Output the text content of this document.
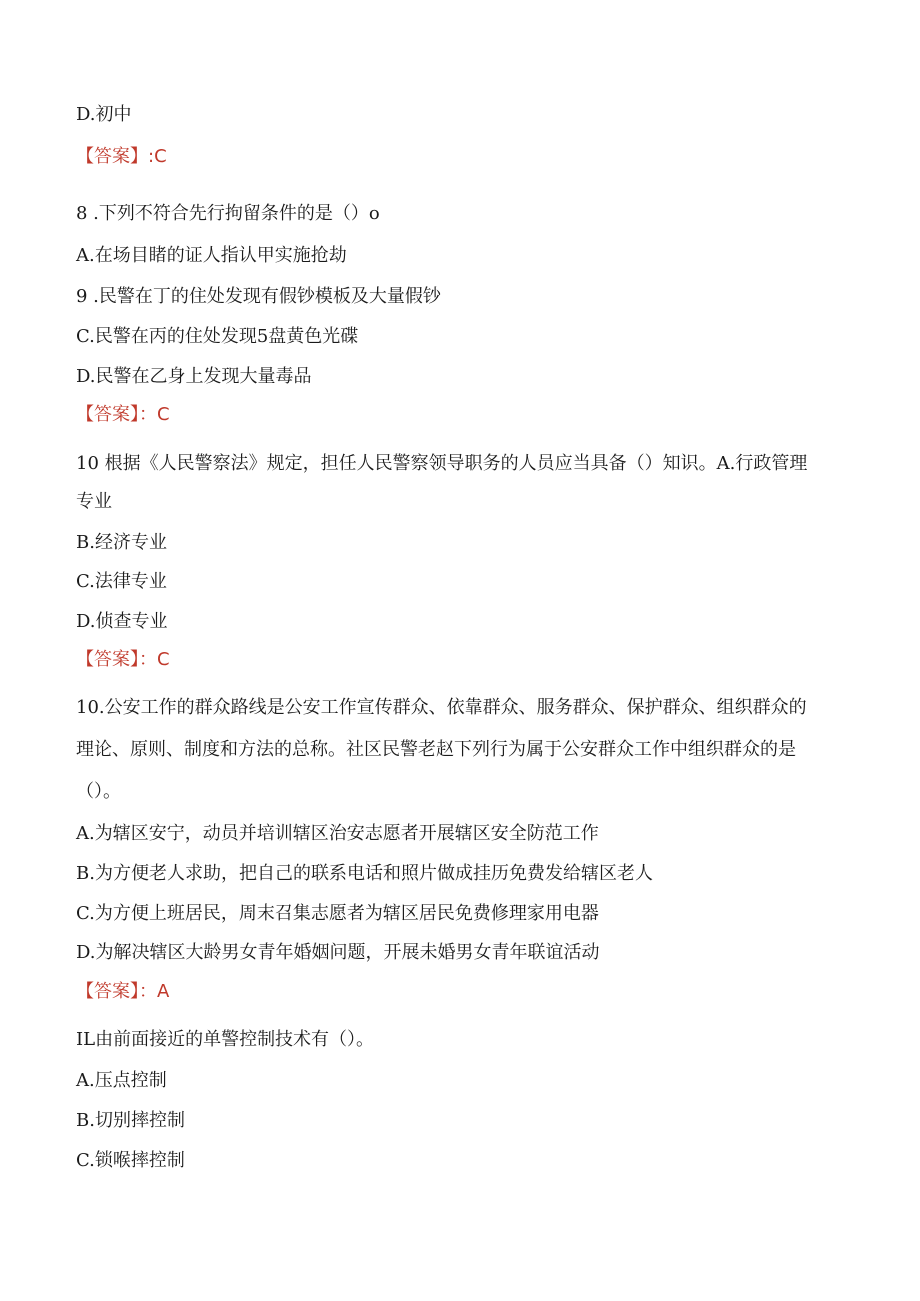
D.初中

【答案】:C

8 .下列不符合先行拘留条件的是（）o

A.在场目睹的证人指认甲实施抢劫

9 .民警在丁的住处发现有假钞模板及大量假钞

C.民警在丙的住处发现5盘黄色光碟

D.民警在乙身上发现大量毒品

【答案】：C

10 根据《人民警察法》规定，担任人民警察领导职务的人员应当具备（）知识。A.行政管理

专业

B.经济专业

C.法律专业

D.侦查专业

【答案】：C

10.公安工作的群众路线是公安工作宣传群众、依靠群众、服务群众、保护群众、组织群众的

理论、原则、制度和方法的总称。社区民警老赵下列行为属于公安群众工作中组织群众的是

（）。

A.为辖区安宁，动员并培训辖区治安志愿者开展辖区安全防范工作

B.为方便老人求助，把自己的联系电话和照片做成挂历免费发给辖区老人

C.为方便上班居民，周末召集志愿者为辖区居民免费修理家用电器

D.为解决辖区大龄男女青年婚姻问题，开展未婚男女青年联谊活动

【答案】：A

IL由前面接近的单警控制技术有（）。

A.压点控制

B.切别摔控制

C.锁喉摔控制
